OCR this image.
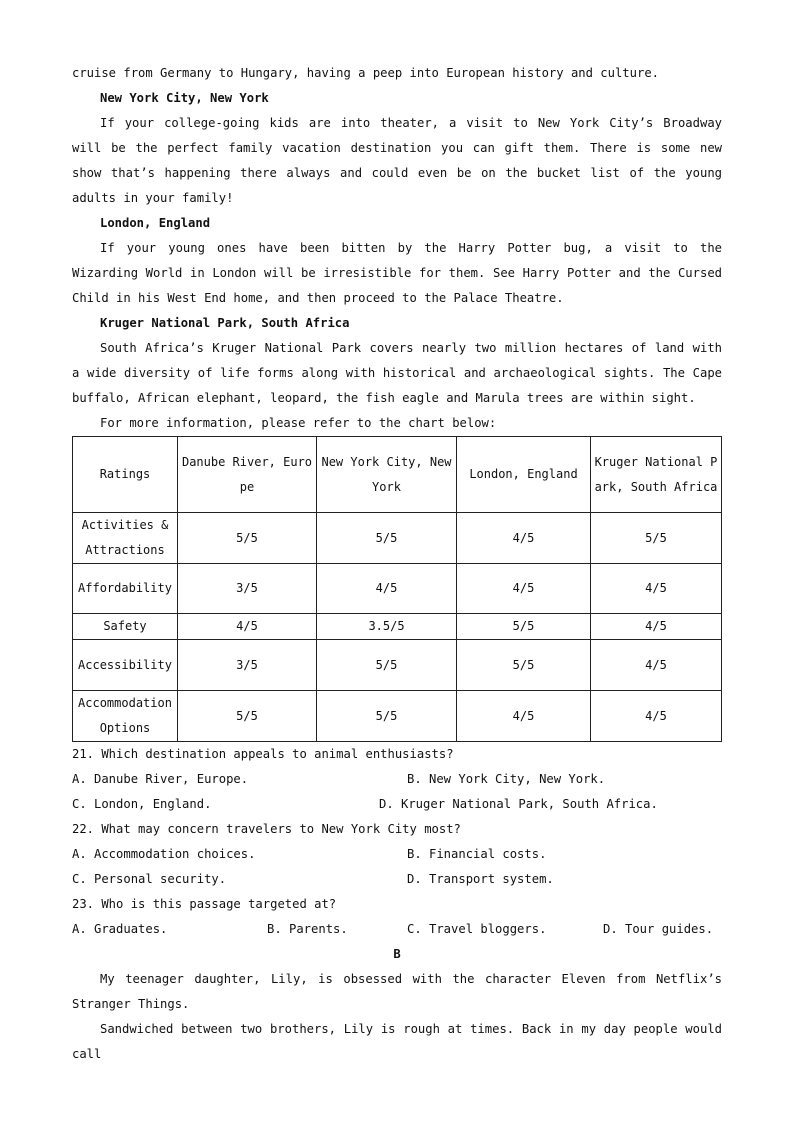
cruise from Germany to Hungary, having a peep into European history and culture.

New York City, New York

If your college-going kids are into theater, a visit to New York City’s Broadway will be the perfect family vacation destination you can gift them. There is some new show that’s happening there always and could even be on the bucket list of the young adults in your family!

London, England

If your young ones have been bitten by the Harry Potter bug, a visit to the Wizarding World in London will be irresistible for them. See Harry Potter and the Cursed Child in his West End home, and then proceed to the Palace Theatre.

Kruger National Park, South Africa

South Africa’s Kruger National Park covers nearly two million hectares of land with a wide diversity of life forms along with historical and archaeological sights. The Cape buffalo, African elephant, leopard, the fish eagle and Marula trees are within sight.

For more information, please refer to the chart below:

Ratings	Danube River, Europe	New York City, New York	London, England	Kruger National Park, South Africa
Activities & Attractions	5/5	5/5	4/5	5/5
Affordability	3/5	4/5	4/5	4/5
Safety	4/5	3.5/5	5/5	4/5
Accessibility	3/5	5/5	5/5	4/5
Accommodation Options	5/5	5/5	4/5	4/5

21. Which destination appeals to animal enthusiasts?

A. Danube River, Europe.	B. New York City, New York.
C. London, England.	D. Kruger National Park, South Africa.

22. What may concern travelers to New York City most?

A. Accommodation choices.	B. Financial costs.
C. Personal security.	D. Transport system.

23. Who is this passage targeted at?

A. Graduates.	B. Parents.	C. Travel bloggers.	D. Tour guides.

B

My teenager daughter, Lily, is obsessed with the character Eleven from Netflix’s Stranger Things.

Sandwiched between two brothers, Lily is rough at times. Back in my day people would call
